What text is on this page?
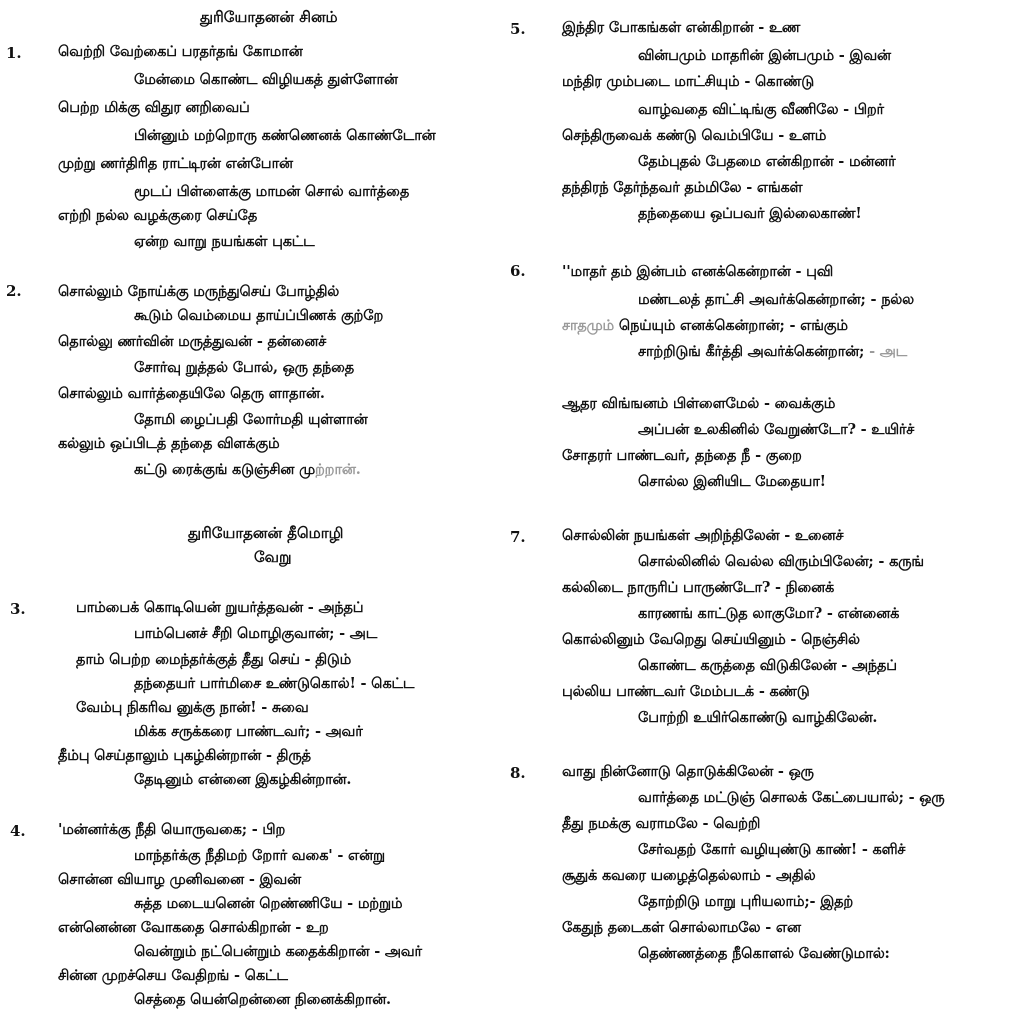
துரியோதனன் சினம்
1.	வெற்றி வேற்கைப் பரதர்தங் கோமான்
மேன்மை கொண்ட விழியகத் துள்ளோன்
பெற்ற மிக்கு விதுர னறிவைப்
பின்னும் மற்றொரு கண்ணெனக் கொண்டோன்
முற்று ணர்திரித ராட்டிரன் என்போன்
மூடப் பிள்ளைக்கு மாமன் சொல் வார்த்தை
எற்றி நல்ல வழக்குரை செய்தே
ஏன்ற வாறு நயங்கள் புகட்ட
2.	சொல்லும் நோய்க்கு மருந்துசெய் போழ்தில்
கூடும் வெம்மைய தாய்ப்பிணக் குற்றே
தொல்லு ணர்வின் மருத்துவன் - தன்னைச்
சோர்வு றுத்தல் போல், ஒரு தந்தை
சொல்லும் வார்த்தையிலே தெரு ளாதான்.
தோமி ழைப்பதி லோர்மதி யுள்ளான்
கல்லும் ஒப்பிடத் தந்தை விளக்கும்
கட்டு ரைக்குங் கடுஞ்சின முற்றான்.
துரியோதனன் தீமொழி
வேறு
3.	பாம்பைக் கொடியென் றுயர்த்தவன் - அந்தப்
பாம்பெனச் சீறி மொழிகுவான்; - அட
தாம் பெற்ற மைந்தர்க்குத் தீது செய் - திடும்
தந்தையர் பார்மிசை உண்டுகொல்! - கெட்ட
வேம்பு நிகரிவ னுக்கு நான்! - சுவை
மிக்க சருக்கரை பாண்டவர்; - அவர்
தீம்பு செய்தாலும் புகழ்கின்றான் - திருத்
தேடினும் என்னை இகழ்கின்றான்.
4. 'மன்னர்க்கு நீதி யொருவகை; - பிற
மாந்தர்க்கு நீதிமற் றோர் வகை' - என்று
சொன்ன வியாழ முனிவனை - இவன்
சுத்த மடையனென் றெண்ணியே - மற்றும்
என்னென்ன வோகதை சொல்கிறான் - உற
வென்றும் நட்பென்றும் கதைக்கிறான் - அவர்
சின்ன முறச்செய வேதிறங் - கெட்ட
செத்தை யென்றென்னை நினைக்கிறான்.
5.	இந்திர போகங்கள் என்கிறான் - உண
வின்பமும் மாதரின் இன்பமும் - இவன்
மந்திர மும்படை மாட்சியும் - கொண்டு
வாழ்வதை விட்டிங்கு வீணிலே - பிறர்
செந்திருவைக் கண்டு வெம்பியே - உளம்
தேம்புதல் பேதமை என்கிறான் - மன்னர்
தந்திரந் தேர்ந்தவர் தம்மிலே - எங்கள்
தந்தையை ஒப்பவர் இல்லைகாண்!
6.	''மாதர் தம் இன்பம் எனக்கென்றான் - புவி
மண்டலத் தாட்சி அவர்க்கென்றான்; - நல்ல
சாதமும் நெய்யும் எனக்கென்றான்; - எங்கும்
சாற்றிடுங் கீர்த்தி அவர்க்கென்றான்; - அட
ஆதர விங்ஙனம் பிள்ளைமேல் - வைக்கும்
அப்பன் உலகினில் வேறுண்டோ? - உயிர்ச்
சோதரர் பாண்டவர், தந்தை நீ - குறை
சொல்ல இனியிட மேதையா!
7.	சொல்லின் நயங்கள் அறிந்திலேன் - உனைச்
சொல்லினில் வெல்ல விரும்பிலேன்; - கருங்
கல்லிடை நாருரிப் பாருண்டோ? - நினைக்
காரணங் காட்டுத லாகுமோ? - என்னைக்
கொல்லினும் வேறெது செய்யினும் - நெஞ்சில்
கொண்ட கருத்தை விடுகிலேன் - அந்தப்
புல்லிய பாண்டவர் மேம்படக் - கண்டு
போற்றி உயிர்கொண்டு வாழ்கிலேன்.
8.	வாது நின்னோடு தொடுக்கிலேன் - ஒரு
வார்த்தை மட்டுஞ் சொலக் கேட்பையால்; - ஒரு
தீது நமக்கு வராமலே - வெற்றி
சேர்வதற் கோர் வழியுண்டு காண்! - களிச்
சூதுக் கவரை யழைத்தெல்லாம் - அதில்
தோற்றிடு மாறு புரியலாம்;- இதற்
கேதுந் தடைகள் சொல்லாமலே - என
தெண்ணத்தை நீகொளல் வேண்டுமால்:
